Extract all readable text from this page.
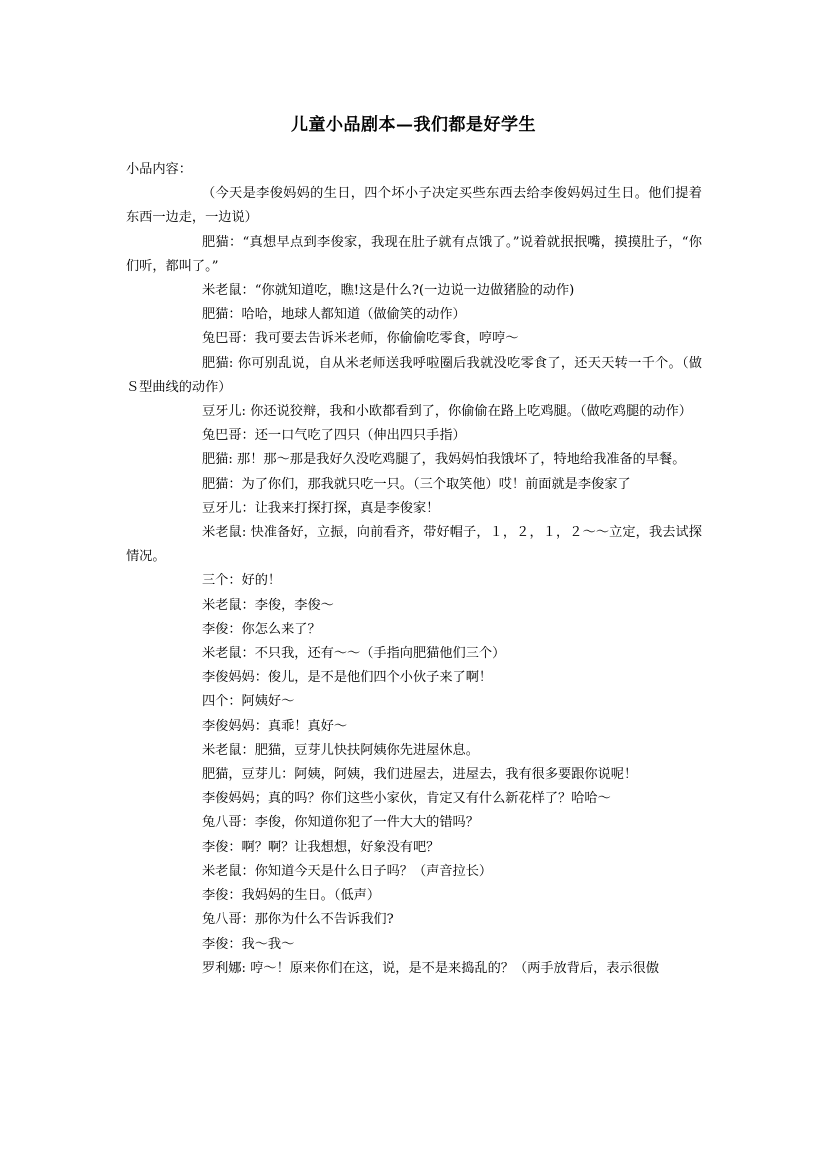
儿童小品剧本—我们都是好学生

小品内容：

（今天是李俊妈妈的生日，四个坏小子决定买些东西去给李俊妈妈过生日。他们提着东西一边走，一边说）

肥猫：“真想早点到李俊家，我现在肚子就有点饿了。”说着就抿抿嘴，摸摸肚子，“你们听，都叫了。”

米老鼠：“你就知道吃，瞧!这是什么?(一边说一边做猪脸的动作)

肥猫：哈哈，地球人都知道（做偷笑的动作）

兔巴哥：我可要去告诉米老师，你偷偷吃零食，哼哼～

肥猫: 你可别乱说，自从米老师送我呼啦圈后我就没吃零食了，还天天转一千个。（做Ｓ型曲线的动作）

豆牙儿: 你还说狡辩，我和小欧都看到了，你偷偷在路上吃鸡腿。（做吃鸡腿的动作）

兔巴哥：还一口气吃了四只（伸出四只手指）

肥猫: 那！那～那是我好久没吃鸡腿了，我妈妈怕我饿坏了，特地给我准备的早餐。

肥猫：为了你们，那我就只吃一只。（三个取笑他）哎！前面就是李俊家了

豆牙儿：让我来打探打探，真是李俊家！

米老鼠: 快准备好，立振，向前看齐，带好帽子，１，２，１，２～～立定，我去试探情况。

三个：好的！

米老鼠：李俊，李俊～

李俊：你怎么来了？

米老鼠：不只我，还有～～（手指向肥猫他们三个）

李俊妈妈：俊儿，是不是他们四个小伙子来了啊！

四个：阿姨好～

李俊妈妈：真乖！真好～

米老鼠：肥猫，豆芽儿快扶阿姨你先进屋休息。

肥猫，豆芽儿：阿姨，阿姨，我们进屋去，进屋去，我有很多要跟你说呢！

李俊妈妈；真的吗？你们这些小家伙，肯定又有什么新花样了？哈哈～

兔八哥：李俊，你知道你犯了一件大大的错吗？

李俊：啊？啊？让我想想，好象没有吧？

米老鼠：你知道今天是什么日子吗？（声音拉长）

李俊：我妈妈的生日。（低声）

兔八哥：那你为什么不告诉我们?

李俊：我～我～

罗利娜: 哼～！原来你们在这，说，是不是来捣乱的？（两手放背后，表示很傲
